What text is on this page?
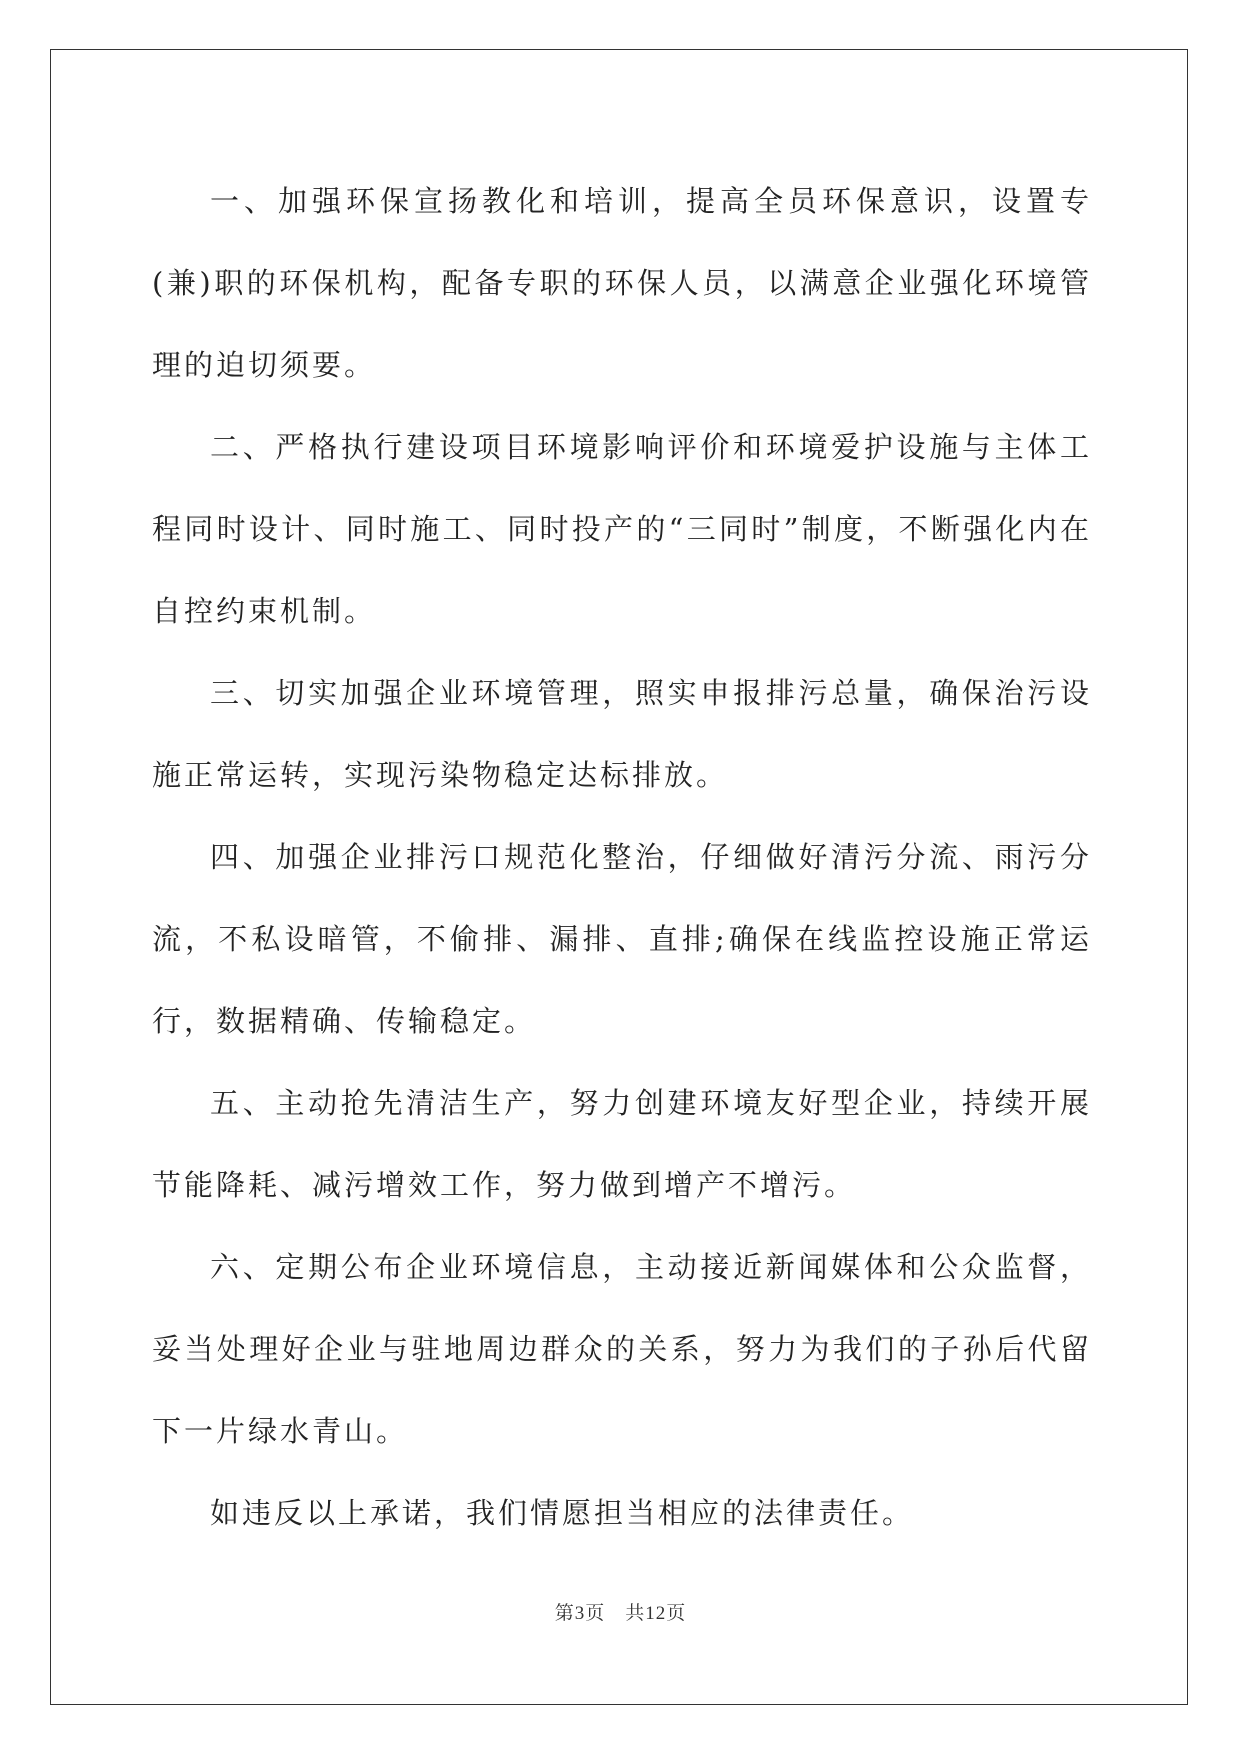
一、加强环保宣扬教化和培训，提高全员环保意识，设置专(兼)职的环保机构，配备专职的环保人员，以满意企业强化环境管理的迫切须要。

二、严格执行建设项目环境影响评价和环境爱护设施与主体工程同时设计、同时施工、同时投产的“三同时”制度，不断强化内在自控约束机制。

三、切实加强企业环境管理，照实申报排污总量，确保治污设施正常运转，实现污染物稳定达标排放。

四、加强企业排污口规范化整治，仔细做好清污分流、雨污分流，不私设暗管，不偷排、漏排、直排;确保在线监控设施正常运行，数据精确、传输稳定。

五、主动抢先清洁生产，努力创建环境友好型企业，持续开展节能降耗、减污增效工作，努力做到增产不增污。

六、定期公布企业环境信息，主动接近新闻媒体和公众监督，妥当处理好企业与驻地周边群众的关系，努力为我们的子孙后代留下一片绿水青山。

如违反以上承诺，我们情愿担当相应的法律责任。

第3页 共12页
